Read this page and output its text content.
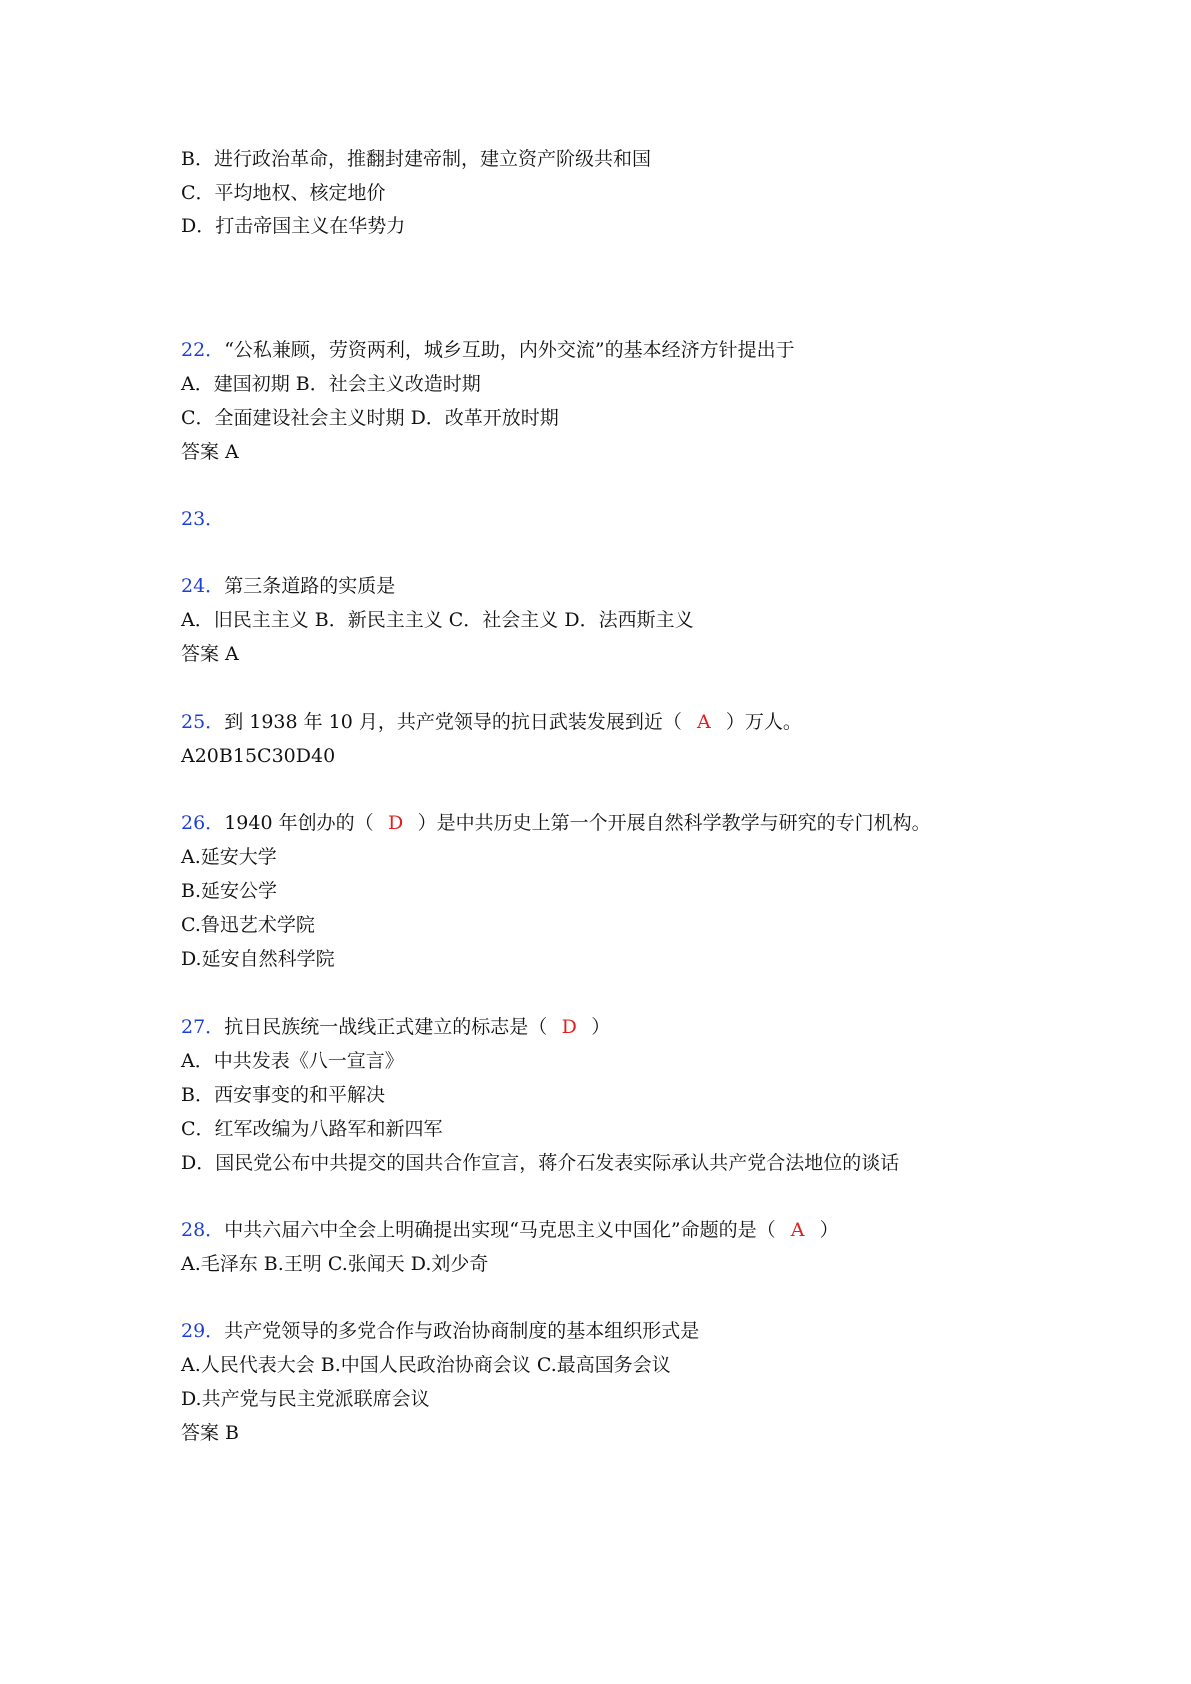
B．进行政治革命，推翻封建帝制，建立资产阶级共和国

C．平均地权、核定地价

D．打击帝国主义在华势力

22．“公私兼顾，劳资两利，城乡互助，内外交流”的基本经济方针提出于

A．建国初期 B．社会主义改造时期

C．全面建设社会主义时期 D．改革开放时期

答案 A

23．

24．第三条道路的实质是

A．旧民主主义 B．新民主主义 C．社会主义 D．法西斯主义

答案 A

25．到 1938 年 10 月，共产党领导的抗日武装发展到近（ A ）万人。

A20B15C30D40

26．1940 年创办的（ D ）是中共历史上第一个开展自然科学教学与研究的专门机构。

A.延安大学

B.延安公学

C.鲁迅艺术学院

D.延安自然科学院

27．抗日民族统一战线正式建立的标志是（ D ）

A．中共发表《八一宣言》

B．西安事变的和平解决

C．红军改编为八路军和新四军

D．国民党公布中共提交的国共合作宣言，蒋介石发表实际承认共产党合法地位的谈话

28．中共六届六中全会上明确提出实现“马克思主义中国化”命题的是（ A ）

A.毛泽东 B.王明 C.张闻天 D.刘少奇

29．共产党领导的多党合作与政治协商制度的基本组织形式是

A.人民代表大会 B.中国人民政治协商会议 C.最高国务会议

D.共产党与民主党派联席会议

答案 B
